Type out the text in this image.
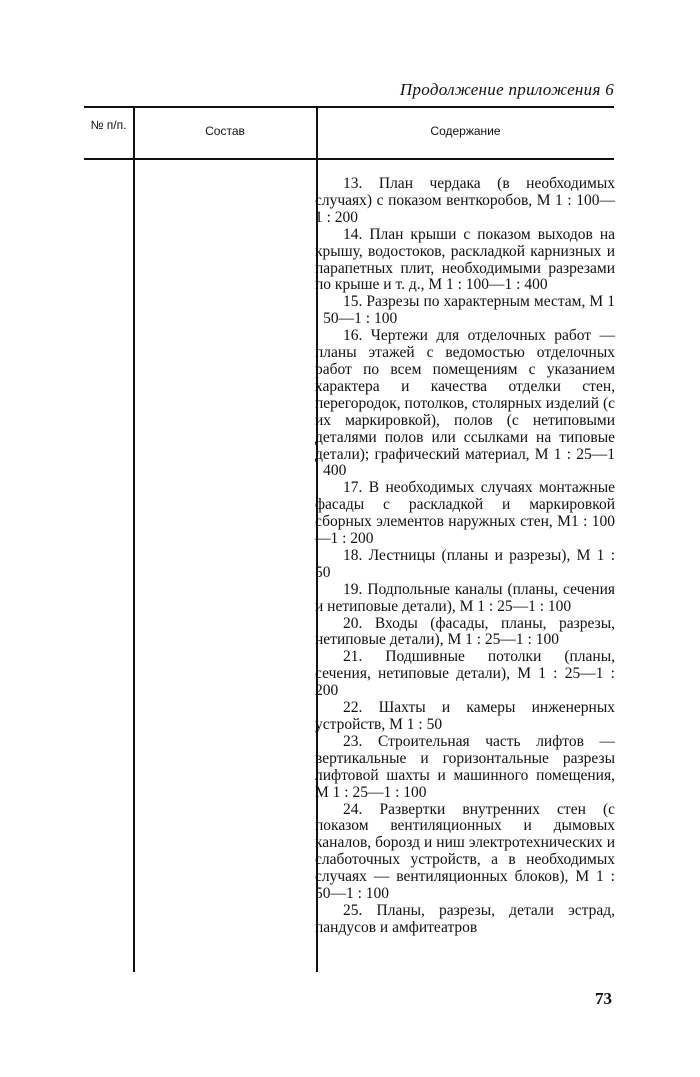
Продолжение приложения 6
№ п/п.	Состав	Содержание

13. План чердака (в необходимых случаях) с показом венткоробов, М 1 : 100—1 : 200

14. План крыши с показом выходов на крышу, водостоков, раскладкой карнизных и парапетных плит, необходимыми разрезами по крыше и т. д., М 1 : 100—1 : 400

15. Разрезы по характерным местам, М 1 : 50—1 : 100

16. Чертежи для отделочных работ — планы этажей с ведомостью отделочных работ по всем помещениям с указанием характера и качества отделки стен, перегородок, потолков, столярных изделий (с их маркировкой), полов (с нетиповыми деталями полов или ссылками на типовые детали); графический материал, М 1 : 25—1 : 400

17. В необходимых случаях монтажные фасады с раскладкой и маркировкой сборных элементов наружных стен, М1 : 100—1 : 200

18. Лестницы (планы и разрезы), М 1 : 50

19. Подпольные каналы (планы, сечения и нетиповые детали), М 1 : 25—1 : 100

20. Входы (фасады, планы, разрезы, нетиповые детали), М 1 : 25—1 : 100

21. Подшивные потолки (планы, сечения, нетиповые детали), М 1 : 25—1 : 200

22. Шахты и камеры инженерных устройств, М 1 : 50

23. Строительная часть лифтов — вертикальные и горизонтальные разрезы лифтовой шахты и машинного помещения, М 1 : 25—1 : 100

24. Развертки внутренних стен (с показом вентиляционных и дымовых каналов, борозд и ниш электротехнических и слаботочных устройств, а в необходимых случаях — вентиляционных блоков), М 1 : 50—1 : 100

25. Планы, разрезы, детали эстрад, пандусов и амфитеатров

73
